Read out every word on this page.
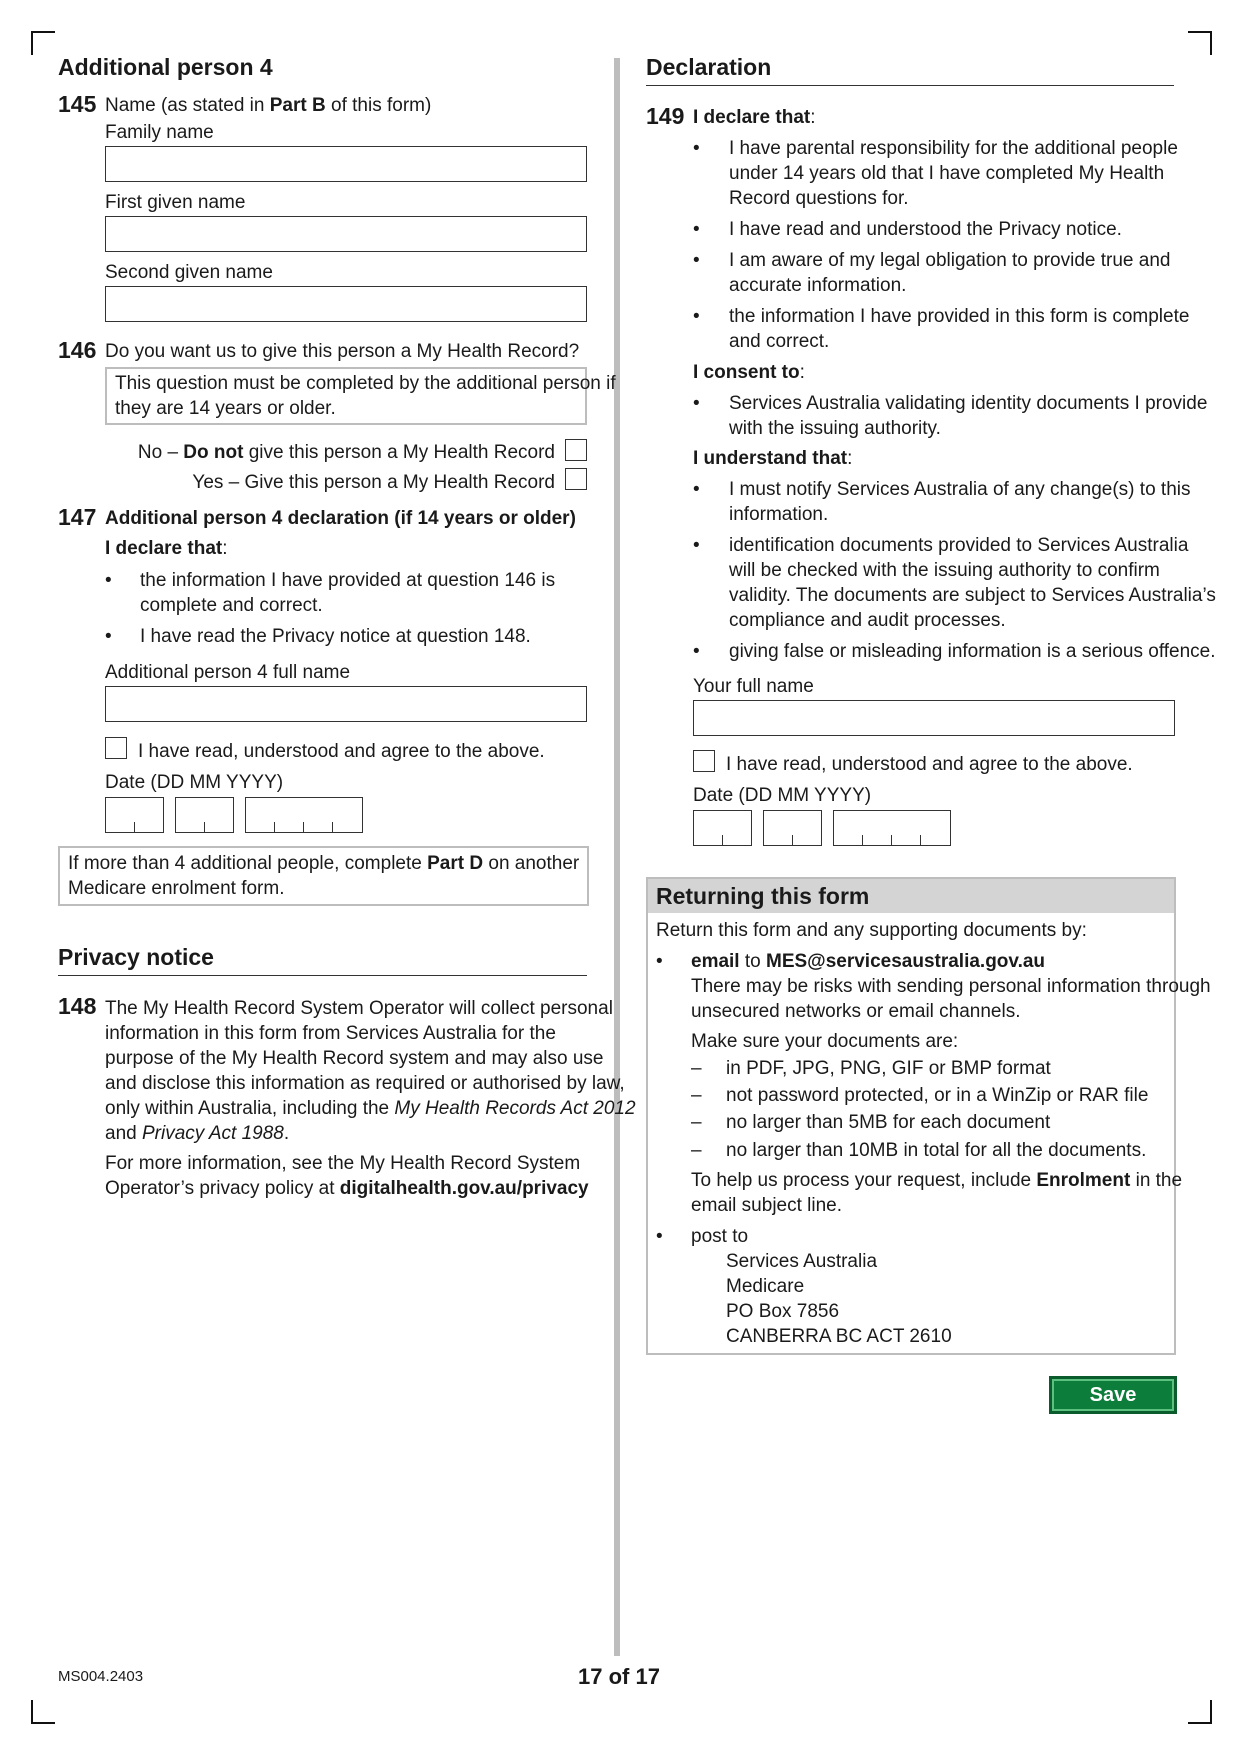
Additional person 4
145 Name (as stated in Part B of this form)
Family name
First given name
Second given name
146 Do you want us to give this person a My Health Record?
This question must be completed by the additional person if
they are 14 years or older.
No – Do not give this person a My Health Record
Yes – Give this person a My Health Record
147 Additional person 4 declaration (if 14 years or older)
I declare that:
• the information I have provided at question 146 is
complete and correct.
• I have read the Privacy notice at question 148.
Additional person 4 full name
I have read, understood and agree to the above.
Date (DD MM YYYY)
If more than 4 additional people, complete Part D on another
Medicare enrolment form.
Privacy notice
148 The My Health Record System Operator will collect personal
information in this form from Services Australia for the
purpose of the My Health Record system and may also use
and disclose this information as required or authorised by law,
only within Australia, including the My Health Records Act 2012
and Privacy Act 1988.
For more information, see the My Health Record System
Operator’s privacy policy at digitalhealth.gov.au/privacy
Declaration
149 I declare that:
• I have parental responsibility for the additional people
under 14 years old that I have completed My Health
Record questions for.
• I have read and understood the Privacy notice.
• I am aware of my legal obligation to provide true and
accurate information.
• the information I have provided in this form is complete
and correct.
I consent to:
• Services Australia validating identity documents I provide
with the issuing authority.
I understand that:
• I must notify Services Australia of any change(s) to this
information.
• identification documents provided to Services Australia
will be checked with the issuing authority to confirm
validity. The documents are subject to Services Australia’s
compliance and audit processes.
• giving false or misleading information is a serious offence.
Your full name
I have read, understood and agree to the above.
Date (DD MM YYYY)
Returning this form
Return this form and any supporting documents by:
• email to MES@servicesaustralia.gov.au
There may be risks with sending personal information through
unsecured networks or email channels.
Make sure your documents are:
– in PDF, JPG, PNG, GIF or BMP format
– not password protected, or in a WinZip or RAR file
– no larger than 5MB for each document
– no larger than 10MB in total for all the documents.
To help us process your request, include Enrolment in the
email subject line.
• post to
Services Australia
Medicare
PO Box 7856
CANBERRA BC ACT 2610
Save
MS004.2403	17 of 17
